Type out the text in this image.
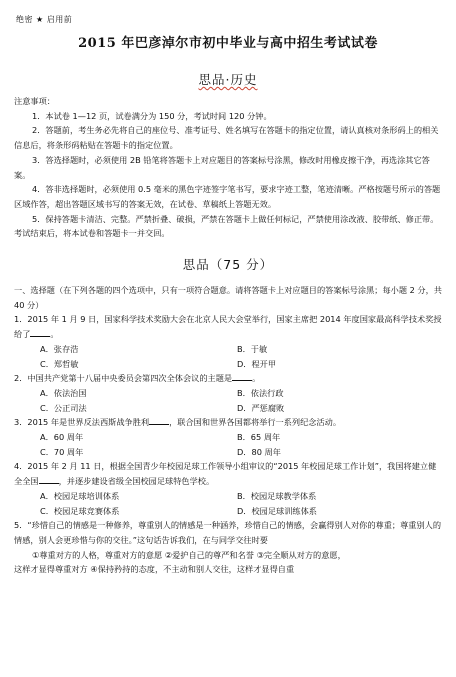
绝密 ★ 启用前
2015 年巴彦淖尔市初中毕业与高中招生考试试卷
思品·历史

注意事项：

1．本试卷 1—12 页，试卷满分为 150 分，考试时间 120 分钟。

2．答题前，考生务必先将自己的座位号、准考证号、姓名填写在答题卡的指定位置，请认真核对条形码上的相关信息后，将条形码粘贴在答题卡的指定位置。

3．答选择题时，必须使用 2B 铅笔将答题卡上对应题目的答案标号涂黑，修改时用橡皮擦干净，再选涂其它答案。

4．答非选择题时，必须使用 0.5 毫米的黑色字迹签字笔书写，要求字迹工整，笔迹清晰。严格按题号所示的答题区域作答，超出答题区域书写的答案无效，在试卷、草稿纸上答题无效。

5．保持答题卡清洁、完整。严禁折叠、破损，严禁在答题卡上做任何标记，严禁使用涂改液、胶带纸、修正带。考试结束后，将本试卷和答题卡一并交回。

思品（75 分）

一、选择题（在下列各题的四个选项中，只有一项符合题意。请将答题卡上对应题目的答案标号涂黑；每小题 2 分，共 40 分）

1．2015 年 1 月 9 日，国家科学技术奖励大会在北京人民大会堂举行，国家主席把 2014 年度国家最高科学技术奖授给了 。

A．张存浩	B．于敏
C．郑哲敏	D．程开甲

2．中国共产党第十八届中央委员会第四次全体会议的主题是 。

A．依法治国	B．依法行政
C．公正司法	D．严惩腐败

3．2015 年是世界反法西斯战争胜利 ，联合国和世界各国都将举行一系列纪念活动。

A．60 周年	B．65 周年
C．70 周年	D．80 周年

4．2015 年 2 月 11 日，根据全国青少年校园足球工作领导小组审议的“2015 年校园足球工作计划”，我国将建立健全全国 ，并逐步建设省级全国校园足球特色学校。

A．校园足球培训体系	B．校园足球教学体系
C．校园足球竞赛体系	D．校园足球训练体系

5．“珍惜自己的情感是一种修养，尊重别人的情感是一种涵养，珍惜自己的情感，会赢得别人对你的尊重；尊重别人的情感，别人会更珍惜与你的交往。”这句话告诉我们，在与同学交往时要

①尊重对方的人格，尊重对方的意愿 ②爱护自己的尊严和名誉 ③完全顺从对方的意愿，

这样才显得尊重对方 ④保持矜持的态度，不主动和别人交往，这样才显得自重
